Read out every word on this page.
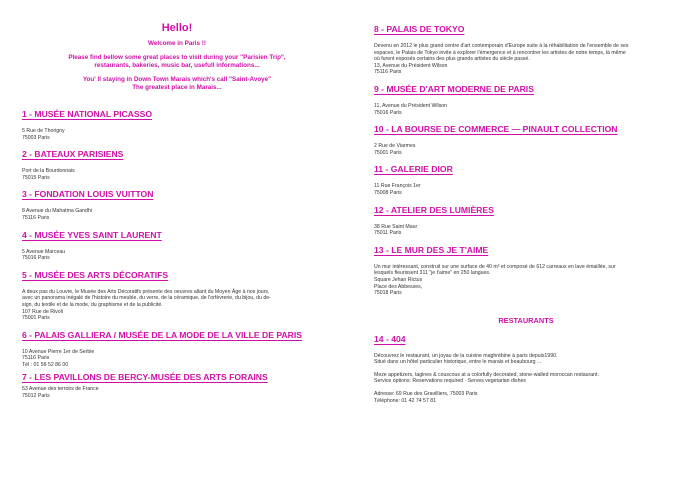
Hello!
Welcome in Paris !!
Please find bellow some great places to visit during your "Parisien Trip",
restaurants, bakeries, music bar, usefull informations...
You' ll staying in Down Town Marais which's call "Saint-Avoye"
The greatest place in Marais...
1 - MUSÉE NATIONAL PICASSO
5 Rue de Thorigny
75003 Paris
2 - BATEAUX PARISIENS
Port de la Bourdonnais
75015 Paris
3 - FONDATION LOUIS VUITTON
8 Avenue du Mahatma Gandhi
75116 Paris
4 - MUSÉE YVES SAINT LAURENT
5 Avenue Marceau
75016 Paris
5 - MUSÉE DES ARTS DÉCORATIFS
A deux pas du Louvre, le Musée des Arts Décoratifs présente des oeuvres allant du Moyen Âge à nos jours,
avec un panorama inégalé de l'histoire du meuble, du verre, de la céramique, de l'orfèvrerie, du bijou, du de-
sign, du textile et de la mode, du graphisme et de la publicité.
107 Rue de Rivoli
75001 Paris
6 - PALAIS GALLIERA / MUSÉE DE LA MODE DE LA VILLE DE PARIS
10 Avenue Pierre 1er de Serbie
75116 Paris
Tél : 01 56 52 86 00
7 - LES PAVILLONS DE BERCY-MUSÉE DES ARTS FORAINS
53 Avenue des terroirs de France
75012 Paris
8 - PALAIS DE TOKYO
Devenu en 2012 le plus grand centre d'art contemporain d'Europe suite à la réhabilitation de l'ensemble de ses
espaces, le Palais de Tokyo invite à explorer l'émergence et à rencontrer les artistes de notre temps, là même
où furent exposés certains des plus grands artistes du siècle passé.
13, Avenue du Président Wilson
75116 Paris
9 - MUSÉE D'ART MODERNE DE PARIS
11, Avenue du Président Wilson
75016 Paris
10 - LA BOURSE DE COMMERCE — PINAULT COLLECTION
2 Rue de Viarmes
75001 Paris
11 - GALERIE DIOR
11 Rue François 1er
75008 Paris
12 - ATELIER DES LUMIÈRES
38 Rue Saint Maur
75011 Paris
13 - LE MUR DES JE T'AIME
Un mur intéressant, construit sur une surface de 40 m² et composé de 612 carreaux en lave émaillée, sur
lesquels fleurissent 311 "je t'aime" en 250 langues.
Square Jehan Rictus
Place des Abbesses,
75018 Paris
RESTAURANTS
14 - 404
Découvrez le restaurant, un joyau de la cuisine maghrébine à paris depuis1990.
Situé dans un hôtel particulier historique, entre le marais et beaubourg ...
Meze appetizers, tagines & couscous at a colorfully decorated, stone-walled moroccan restaurant.
Service options: Reservations required · Serves vegetarian dishes
Adresse: 69 Rue des Gravilliers, 75003 Paris
Téléphone: 01 42 74 57 81
